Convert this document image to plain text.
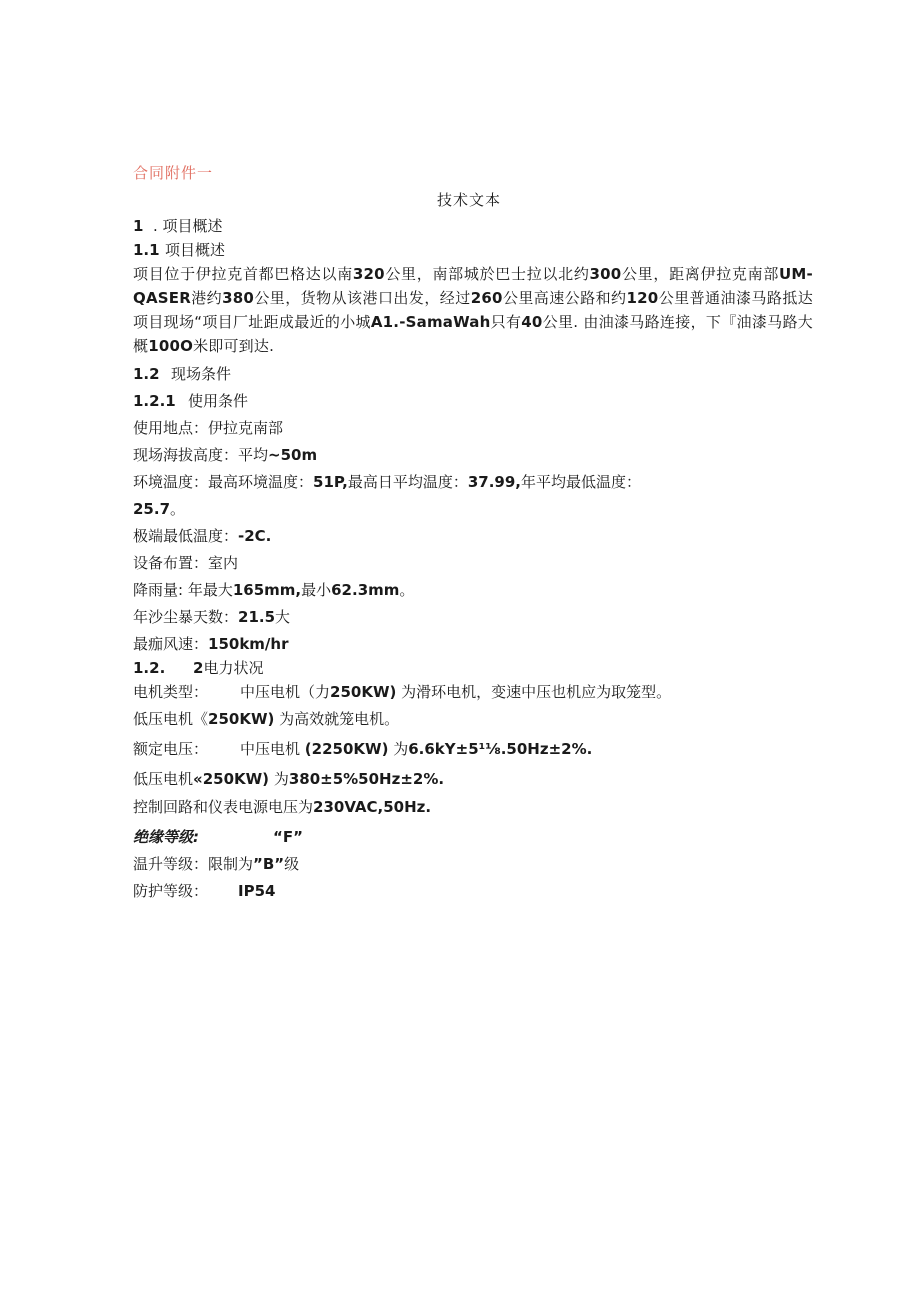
合同附件一
技术文本
1 . 项目概述
1.1 项目概述
项目位于伊拉克首都巴格达以南320公里，南部城於巴士拉以北约300公里，距离伊拉克南部UM-QASER港约380公里，货物从该港口出发，经过260公里高速公路和约120公里普通油漆马路抵达项目现场“项目厂址距成最近的小城A1.-SamaWah只有40公里. 由油漆马路连接，下『油漆马路大概100O米即可到达.
1.2 现场条件
1.2.1 使用条件
使用地点：伊拉克南部
现场海拔高度：平均~50m
环境温度：最高环境温度：51P,最高日平均温度：37.99,年平均最低温度：
25.7。
极端最低温度：-2C.
设备布置：室内
降雨量: 年最大165mm,最小62.3mm。
年沙尘暴天数：21.5大
最痂风速：150km/hr
1.2. 2电力状况
电机类型： 中压电机（力250KW) 为滑环电机，变速中压也机应为取笼型。
低压电机《250KW) 为高效就笼电机。
额定电压： 中压电机 (2250KW) 为6.6kY±5¹⅛.50Hz±2%.
低压电机«250KW) 为380±5%50Hz±2%.
控制回路和仪表电源电压为230VAC,50Hz.
绝缘等级:	“F”
温升等级：限制为”B”级
防护等级： IP54
